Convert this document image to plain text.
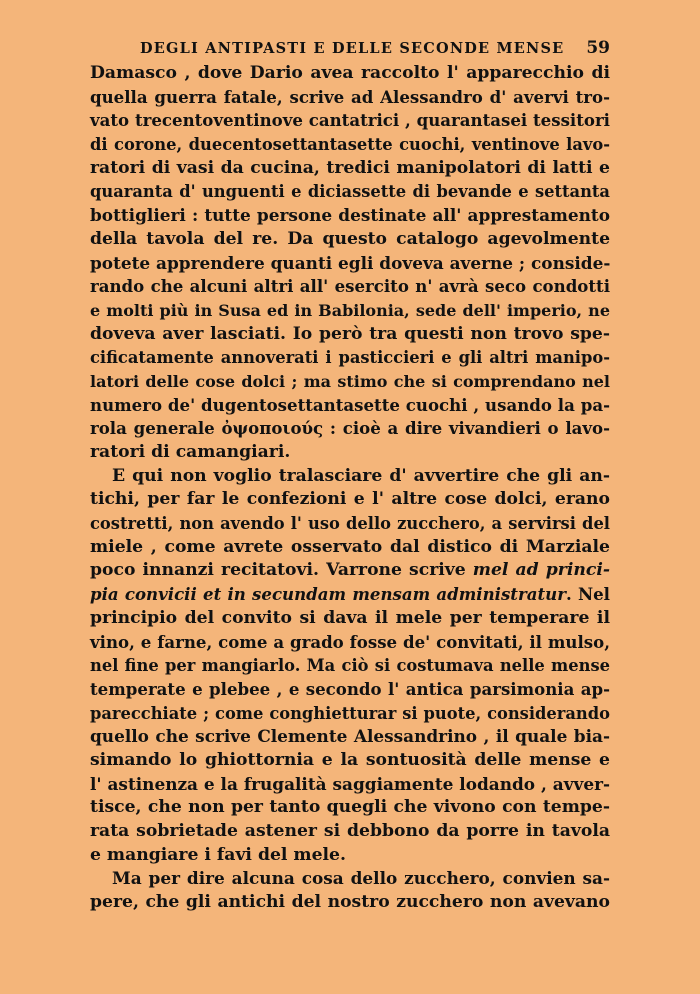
DEGLI ANTIPASTI E DELLE SECONDE MENSE 59

Damasco , dove Dario avea raccolto l' apparecchio di
quella guerra fatale, scrive ad Alessandro d' avervi tro-
vato trecentoventinove cantatrici , quarantasei tessitori
di corone, duecentosettantasette cuochi, ventinove lavo-
ratori di vasi da cucina, tredici manipolatori di latti e
quaranta d' unguenti e diciassette di bevande e settanta
bottiglieri : tutte persone destinate all' apprestamento
della tavola del re. Da questo catalogo agevolmente
potete apprendere quanti egli doveva averne ; conside-
rando che alcuni altri all' esercito n' avrà seco condotti
e molti più in Susa ed in Babilonia, sede dell' imperio, ne
doveva aver lasciati. Io però tra questi non trovo spe-
cificatamente annoverati i pasticcieri e gli altri manipo-
latori delle cose dolci ; ma stimo che si comprendano nel
numero de' dugentosettantasette cuochi , usando la pa-
rola generale ὀψοποιούς : cioè a dire vivandieri o lavo-
ratori di camangiari.

E qui non voglio tralasciare d' avvertire che gli an-
tichi, per far le confezioni e l' altre cose dolci, erano
costretti, non avendo l' uso dello zucchero, a servirsi del
miele , come avrete osservato dal distico di Marziale
poco innanzi recitatovi. Varrone scrive mel ad princi-
pia convicii et in secundam mensam administratur. Nel
principio del convito si dava il mele per temperare il
vino, e farne, come a grado fosse de' convitati, il mulso,
nel fine per mangiarlo. Ma ciò si costumava nelle mense
temperate e plebee , e secondo l' antica parsimonia ap-
parecchiate ; come conghietturar si puote, considerando
quello che scrive Clemente Alessandrino , il quale bia-
simando lo ghiottornia e la sontuosità delle mense e
l' astinenza e la frugalità saggiamente lodando , avver-
tisce, che non per tanto quegli che vivono con tempe-
rata sobrietade astener si debbono da porre in tavola
e mangiare i favi del mele.

Ma per dire alcuna cosa dello zucchero, convien sa-
pere, che gli antichi del nostro zucchero non avevano
